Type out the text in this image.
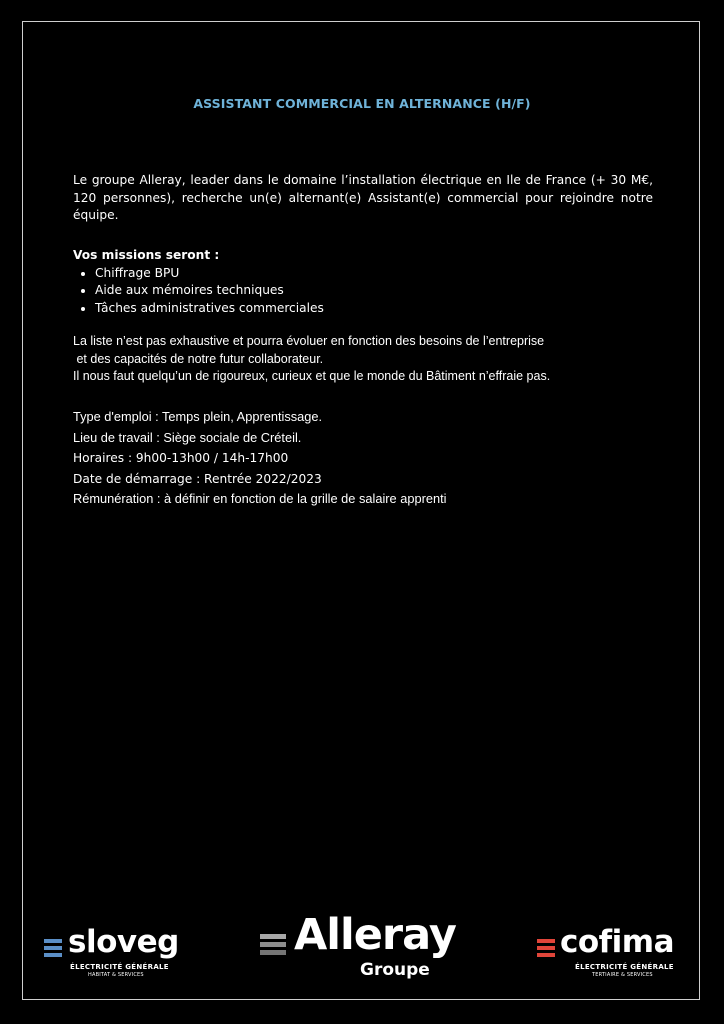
ASSISTANT COMMERCIAL EN ALTERNANCE (H/F)

Le groupe Alleray, leader dans le domaine l’installation électrique en Ile de France (+ 30 M€, 120 personnes), recherche un(e) alternant(e) Assistant(e) commercial pour rejoindre notre équipe.

Vos missions seront :

• Chiffrage BPU
• Aide aux mémoires techniques
• Tâches administratives commerciales
La liste n’est pas exhaustive et pourra évoluer en fonction des besoins de l’entreprise
et des capacités de notre futur collaborateur.
Il nous faut quelqu’un de rigoureux, curieux et que le monde du Bâtiment n’effraie pas.
Type d'emploi : Temps plein, Apprentissage.
Lieu de travail : Siège sociale de Créteil.
Horaires : 9h00-13h00 / 14h-17h00
Date de démarrage : Rentrée 2022/2023
Rémunération : à définir en fonction de la grille de salaire apprenti
sloveg
ÉLECTRICITÉ GÉNÉRALE
HABITAT & SERVICES
Alleray
Groupe
cofima
ÉLECTRICITÉ GÉNÉRALE
TERTIAIRE & SERVICES
